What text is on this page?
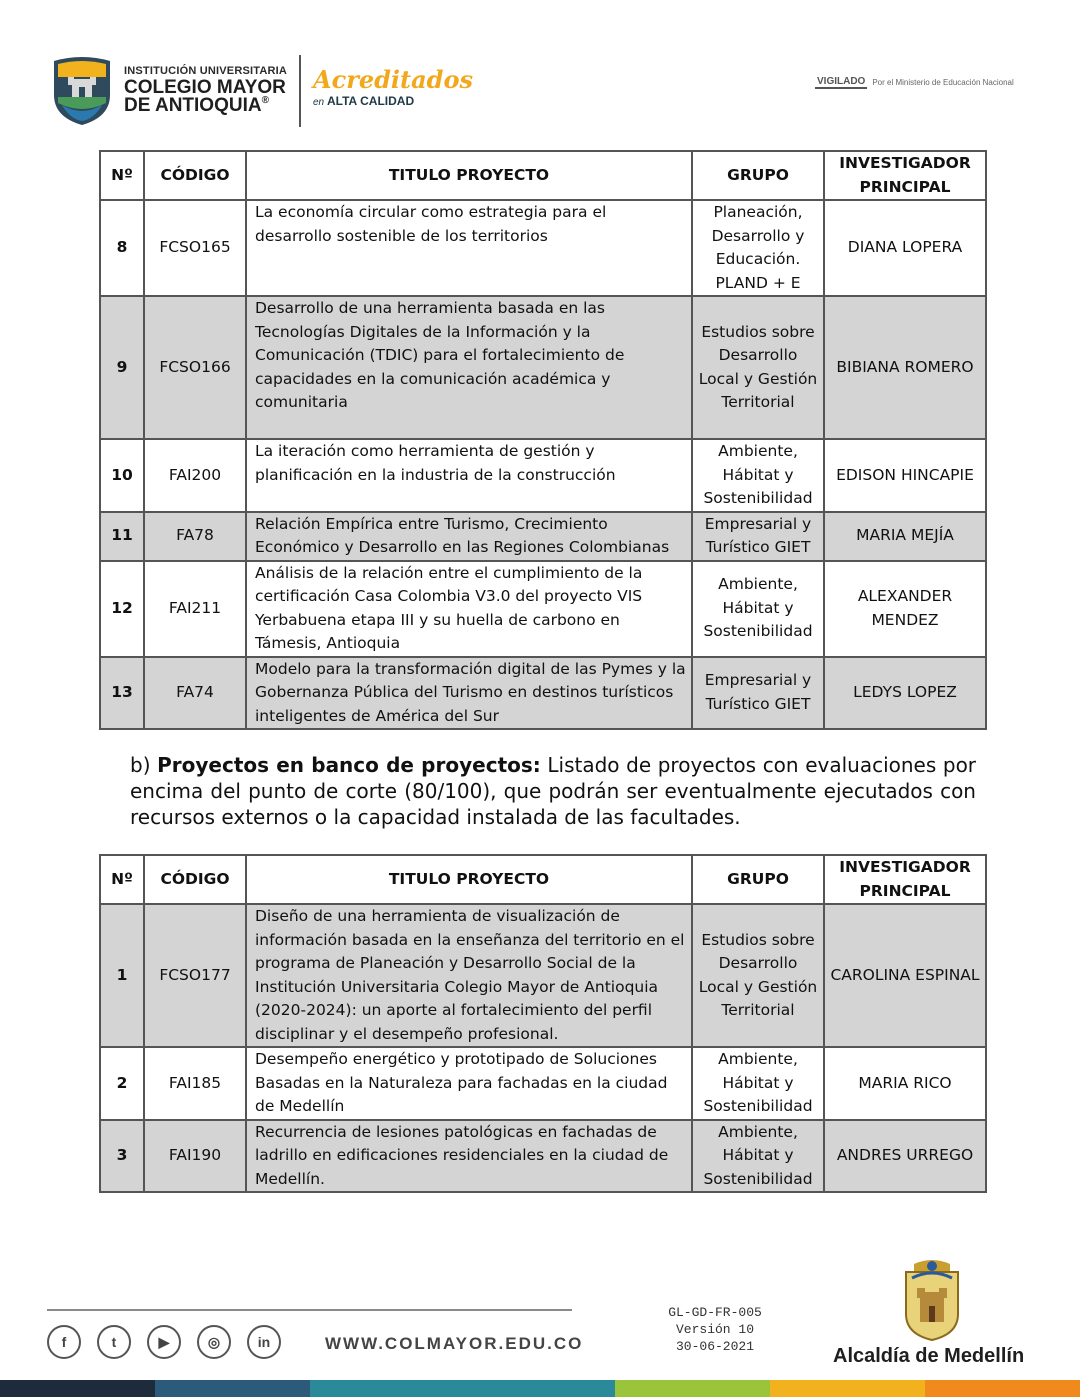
INSTITUCIÓN UNIVERSITARIA
COLEGIO MAYOR
DE ANTIOQUIA®
Acreditados
en ALTA CALIDAD
VIGILADO Por el Ministerio de Educación Nacional
Nº	CÓDIGO	TITULO PROYECTO	GRUPO	INVESTIGADOR PRINCIPAL
8	FCSO165	La economía circular como estrategia para el desarrollo sostenible de los territorios	Planeación, Desarrollo y Educación. PLAND + E	DIANA LOPERA
9	FCSO166	Desarrollo de una herramienta basada en las Tecnologías Digitales de la Información y la Comunicación (TDIC) para el fortalecimiento de capacidades en la comunicación académica y comunitaria	Estudios sobre Desarrollo Local y Gestión Territorial	BIBIANA ROMERO
10	FAI200	La iteración como herramienta de gestión y planificación en la industria de la construcción	Ambiente, Hábitat y Sostenibilidad	EDISON HINCAPIE
11	FA78	Relación Empírica entre Turismo, Crecimiento Económico y Desarrollo en las Regiones Colombianas	Empresarial y Turístico GIET	MARIA MEJÍA
12	FAI211	Análisis de la relación entre el cumplimiento de la certificación Casa Colombia V3.0 del proyecto VIS Yerbabuena etapa III y su huella de carbono en Támesis, Antioquia	Ambiente, Hábitat y Sostenibilidad	ALEXANDER MENDEZ
13	FA74	Modelo para la transformación digital de las Pymes y la Gobernanza Pública del Turismo en destinos turísticos inteligentes de América del Sur	Empresarial y Turístico GIET	LEDYS LOPEZ
b) Proyectos en banco de proyectos: Listado de proyectos con evaluaciones por encima del punto de corte (80/100), que podrán ser eventualmente ejecutados con recursos externos o la capacidad instalada de las facultades.
Nº	CÓDIGO	TITULO PROYECTO	GRUPO	INVESTIGADOR PRINCIPAL
1	FCSO177	Diseño de una herramienta de visualización de información basada en la enseñanza del territorio en el programa de Planeación y Desarrollo Social de la Institución Universitaria Colegio Mayor de Antioquia (2020-2024): un aporte al fortalecimiento del perfil disciplinar y el desempeño profesional.	Estudios sobre Desarrollo Local y Gestión Territorial	CAROLINA ESPINAL
2	FAI185	Desempeño energético y prototipado de Soluciones Basadas en la Naturaleza para fachadas en la ciudad de Medellín	Ambiente, Hábitat y Sostenibilidad	MARIA RICO
3	FAI190	Recurrencia de lesiones patológicas en fachadas de ladrillo en edificaciones residenciales en la ciudad de Medellín.	Ambiente, Hábitat y Sostenibilidad	ANDRES URREGO
f	t	▶	◎	in	WWW.COLMAYOR.EDU.CO
GL-GD-FR-005
Versión 10
30-06-2021	Alcaldía de Medellín
